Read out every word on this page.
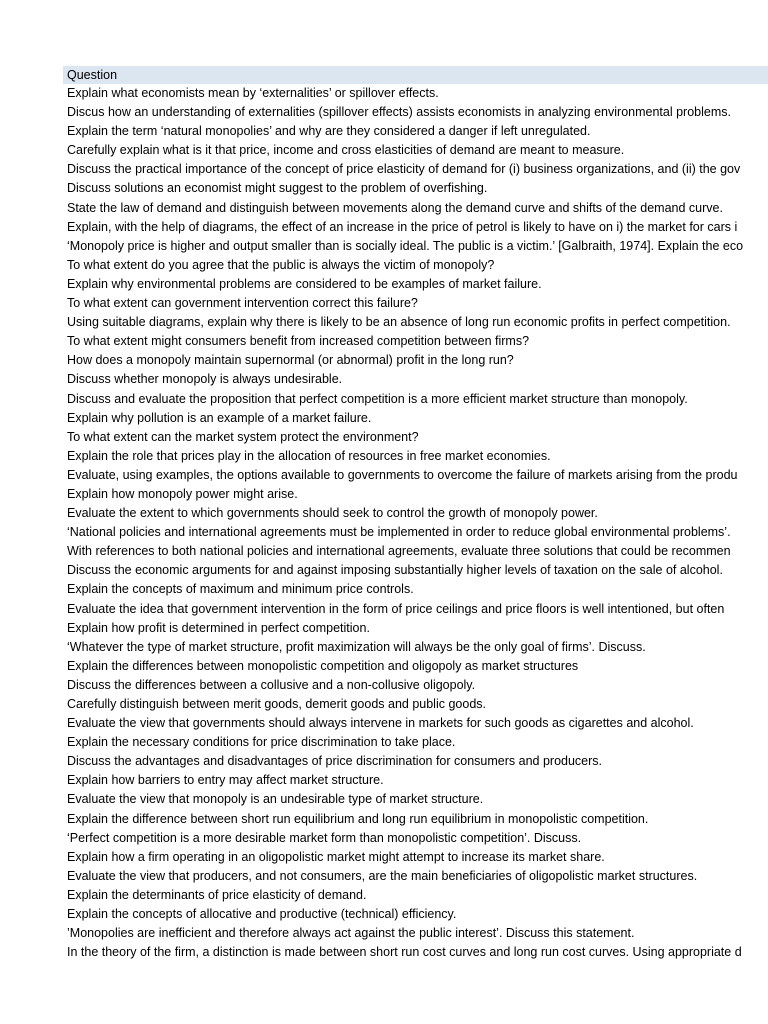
Question
Explain what economists mean by ‘externalities’ or spillover effects.
Discus how an understanding of externalities (spillover effects) assists economists in analyzing environmental problems.
Explain the term ‘natural monopolies’ and why are they considered a danger if left unregulated.
Carefully explain what is it that price, income and cross elasticities of demand are meant to measure.
Discuss the practical importance of the concept of price elasticity of demand for (i) business organizations, and (ii) the gov
Discuss solutions an economist might suggest to the problem of overfishing.
State the law of demand and distinguish between movements along the demand curve and shifts of the demand curve.
Explain, with the help of diagrams, the effect of an increase in the price of petrol is likely to have on i) the market for cars i
‘Monopoly price is higher and output smaller than is socially ideal. The public is a victim.’ [Galbraith, 1974]. Explain the eco
To what extent do you agree that the public is always the victim of monopoly?
Explain why environmental problems are considered to be examples of market failure.
To what extent can government intervention correct this failure?
Using suitable diagrams, explain why there is likely to be an absence of long run economic profits in perfect competition.
To what extent might consumers benefit from increased competition between firms?
How does a monopoly maintain supernormal (or abnormal) profit in the long run?
Discuss whether monopoly is always undesirable.
Discuss and evaluate the proposition that perfect competition is a more efficient market structure than monopoly.
Explain why pollution is an example of a market failure.
To what extent can the market system protect the environment?
Explain the role that prices play in the allocation of resources in free market economies.
Evaluate, using examples, the options available to governments to overcome the failure of markets arising from the produ
Explain how monopoly power might arise.
Evaluate the extent to which governments should seek to control the growth of monopoly power.
‘National policies and international agreements must be implemented in order to reduce global environmental problems’.
With references to both national policies and international agreements, evaluate three solutions that could be recommen
Discuss the economic arguments for and against imposing substantially higher levels of taxation on the sale of alcohol.
Explain the concepts of maximum and minimum price controls.
Evaluate the idea that government intervention in the form of price ceilings and price floors is well intentioned, but often
Explain how profit is determined in perfect competition.
‘Whatever the type of market structure, profit maximization will always be the only goal of firms’. Discuss.
Explain the differences between monopolistic competition and oligopoly as market structures
Discuss the differences between a collusive and a non-collusive oligopoly.
Carefully distinguish between merit goods, demerit goods and public goods.
Evaluate the view that governments should always intervene in markets for such goods as cigarettes and alcohol.
Explain the necessary conditions for price discrimination to take place.
Discuss the advantages and disadvantages of price discrimination for consumers and producers.
Explain how barriers to entry may affect market structure.
Evaluate the view that monopoly is an undesirable type of market structure.
Explain the difference between short run equilibrium and long run equilibrium in monopolistic competition.
‘Perfect competition is a more desirable market form than monopolistic competition’. Discuss.
Explain how a firm operating in an oligopolistic market might attempt to increase its market share.
Evaluate the view that producers, and not consumers, are the main beneficiaries of oligopolistic market structures.
Explain the determinants of price elasticity of demand.
Explain the concepts of allocative and productive (technical) efficiency.
’Monopolies are inefficient and therefore always act against the public interest’. Discuss this statement.
In the theory of the firm, a distinction is made between short run cost curves and long run cost curves. Using appropriate d
